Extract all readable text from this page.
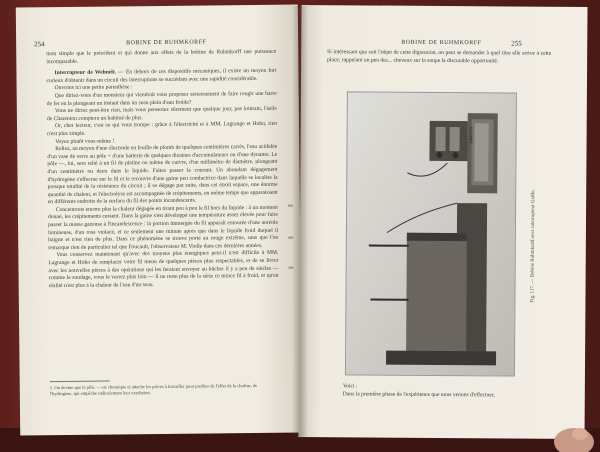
254	BOBINE DE RUHMKORFF

mon simple que le précédent et qui donne aux effets de la bobine de Ruhmkorff une puissance incomparable.

Interrupteur de Wehnelt. — En dehors de ces dispositifs mécaniques, il existe un moyen fort curieux d'obtenir dans un circuit des interruptions se succédant avec une rapidité considérable.

Ouvrons ici une petite parenthèse :

Que diriez-vous d'un monsieur qui viendrait vous proposer sérieusement de faire rougir une barre de fer en la plongeant un instant dans un seau plein d'eau froide?

Vous ne diriez peut-être rien, mais vous penseriez sûrement que quelque jour, pas lointain, l'asile de Charenton comptera un habitué de plus.

Or, cher lecteur, c'est ce qui vous trompe : grâce à l'électricité et à MM. Lagrange et Hoho, rien n'est plus simple.

Voyez plutôt vous-même !

Reliez, au moyen d'une électrode en feuille de plomb de quelques centimètres carrés, l'eau acidulée d'un vase de verre au pôle + d'une batterie de quelques dizaines d'accumulateurs ou d'une dynamo. Le pôle —, lui, sera relié à un fil de platine ou même de cuivre, d'un millimètre de diamètre, plongeant d'un centimètre ou deux dans le liquide. Faites passer le courant. Un abondant dégagement d'hydrogène s'effectue sur le fil et le recouvre d'une gaine peu conductrice dans laquelle se localise la presque totalité de la résistance du circuit ; il se dégage par suite, dans cet étroit espace, une énorme quantité de chaleur, et l'électrolyse est accompagnée de crépitements, en même temps que apparaissent en différents endroits de la surface du fil des points incandescents.

Concentrons encore plus la chaleur dégagée en tirant peu à peu le fil hors du liquide : à un moment donné, les crépitements cessent. Dans la gaine s'est développé une température assez élevée pour faire passer la masse gazeuse à l'incandescence : la portion immergée du fil apparaît entourée d'une auréole lumineuse, d'un rose violacé, et ce seulement une minute après que dans le liquide froid duquel il baigne et n'est rien de plus. Dans ce phénomène se trouve porté au rouge extrême, sans que l'on remarque rien de particulier tel que Foucault, l'observateur M. Violle dans ces dernières années.

Vous conservez maintenant qu'avec des moyens plus énergiques peut-il n'est difficile à MM. Lagrange et Hoho de remplacer votre fil menu de quelques pièces plus respectables, et de se livrer avec les nouvelles pièces à des opérations qui les feraient envoyer au bûcher il y a peu de siècles — comme le soudage, vous le verrez plus loin — il ne reste plus de la série ce mince fil à froid, et qu'en réalité n'est plus à la chaleur de l'eau d'un seau.

1. On devine que le pôle — est chronique et attache les pièces à travailler pour profiter de l'effet de la chaleur, de l'hydrogène, qui empêche radicalement leur oxydation.
BOBINE DE RUHMKORFF	255
Si intéressant que soit l'objet de cette digression, on peut se demander à quel titre elle arrive à cette place, rappelant un peu des... cheveux sur la soupe la discutable opportunité.
ROUMPF
Fig. 117. — Bobine Ruhmkorff avec interrupteur Gaiffe.
Voici :
Dans la première phase de l'expérience que nous venons d'effectuer,
